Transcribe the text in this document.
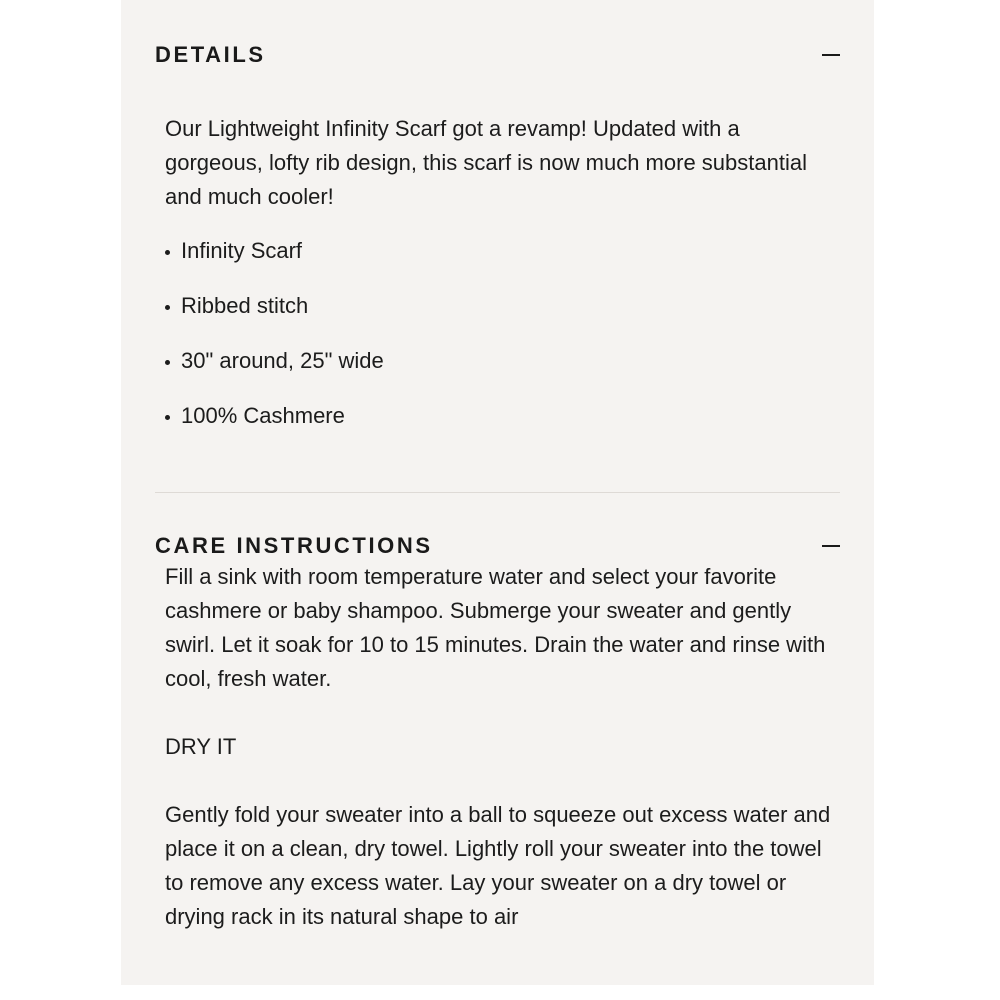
DETAILS

Our Lightweight Infinity Scarf got a revamp! Updated with a gorgeous, lofty rib design, this scarf is now much more substantial and much cooler!

Infinity Scarf
Ribbed stitch
30" around, 25" wide
100% Cashmere
CARE INSTRUCTIONS

Fill a sink with room temperature water and select your favorite cashmere or baby shampoo. Submerge your sweater and gently swirl. Let it soak for 10 to 15 minutes. Drain the water and rinse with cool, fresh water.

DRY IT

Gently fold your sweater into a ball to squeeze out excess water and place it on a clean, dry towel. Lightly roll your sweater into the towel to remove any excess water. Lay your sweater on a dry towel or drying rack in its natural shape to air
